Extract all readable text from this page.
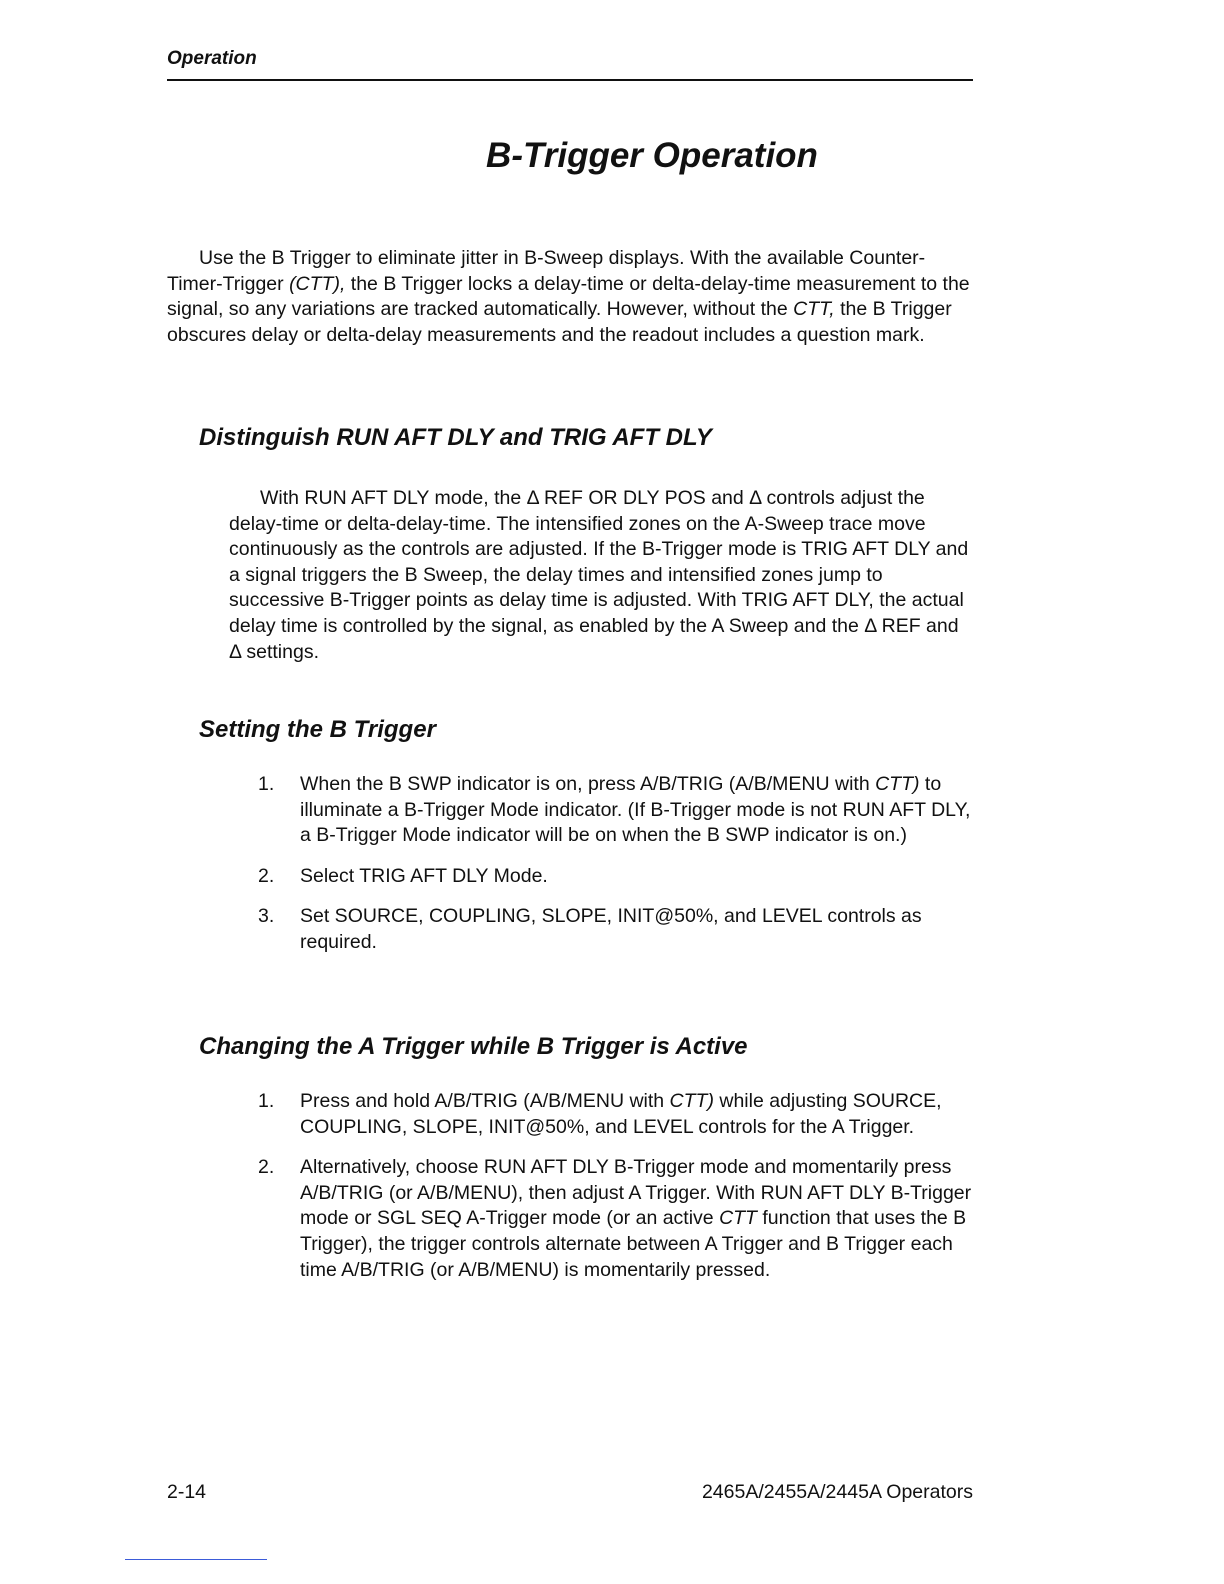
Operation
B-Trigger Operation

Use the B Trigger to eliminate jitter in B-Sweep displays. With the available Counter-Timer-Trigger (CTT), the B Trigger locks a delay-time or delta-delay-time measurement to the signal, so any variations are tracked automatically. However, without the CTT, the B Trigger obscures delay or delta-delay measurements and the readout includes a question mark.

Distinguish RUN AFT DLY and TRIG AFT DLY

With RUN AFT DLY mode, the Δ REF OR DLY POS and Δ controls adjust the delay-time or delta-delay-time. The intensified zones on the A-Sweep trace move continuously as the controls are adjusted. If the B-Trigger mode is TRIG AFT DLY and a signal triggers the B Sweep, the delay times and intensified zones jump to successive B-Trigger points as delay time is adjusted. With TRIG AFT DLY, the actual delay time is controlled by the signal, as enabled by the A Sweep and the Δ REF and Δ settings.

Setting the B Trigger
1. When the B SWP indicator is on, press A/B/TRIG (A/B/MENU with CTT) to illuminate a B-Trigger Mode indicator. (If B-Trigger mode is not RUN AFT DLY, a B-Trigger Mode indicator will be on when the B SWP indicator is on.)
2. Select TRIG AFT DLY Mode.
3. Set SOURCE, COUPLING, SLOPE, INIT@50%, and LEVEL controls as required.
Changing the A Trigger while B Trigger is Active
1. Press and hold A/B/TRIG (A/B/MENU with CTT) while adjusting SOURCE, COUPLING, SLOPE, INIT@50%, and LEVEL controls for the A Trigger.
2. Alternatively, choose RUN AFT DLY B-Trigger mode and momentarily press A/B/TRIG (or A/B/MENU), then adjust A Trigger. With RUN AFT DLY B-Trigger mode or SGL SEQ A-Trigger mode (or an active CTT function that uses the B Trigger), the trigger controls alternate between A Trigger and B Trigger each time A/B/TRIG (or A/B/MENU) is momentarily pressed.
2-14	2465A/2455A/2445A Operators
